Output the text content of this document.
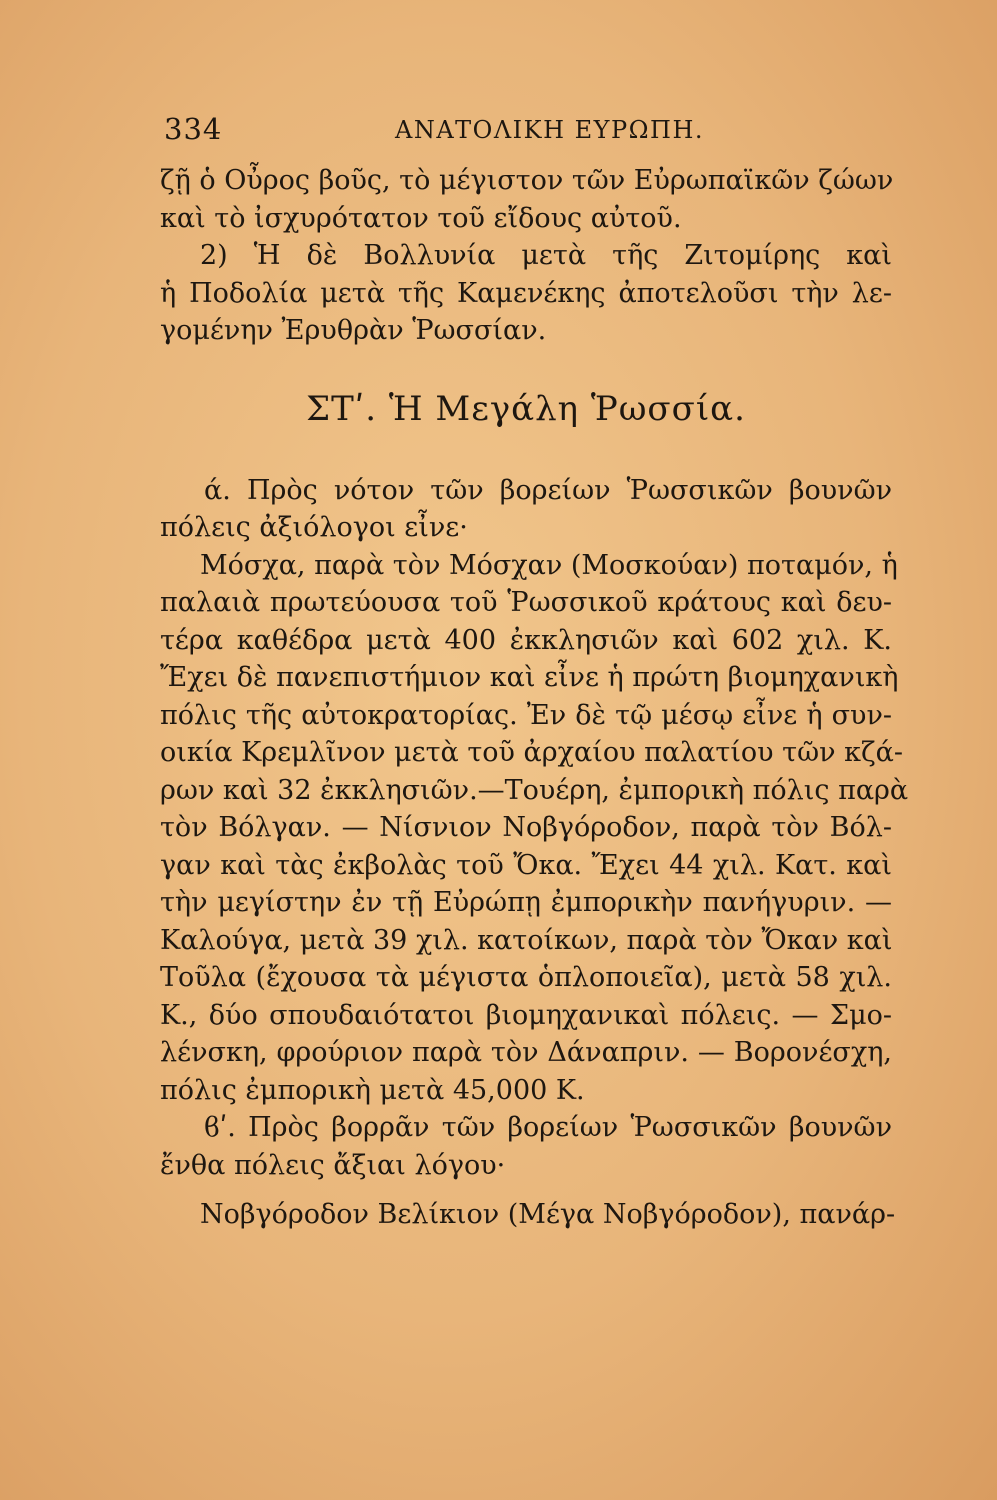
334	ΑΝΑΤΟΛΙΚΗ ΕΥΡΩΠΗ.
ζῇ ὁ Οὖρος βοῦς, τὸ μέγιστον τῶν Εὐρωπαϊκῶν ζώων
καὶ τὸ ἰσχυρότατον τοῦ εἴδους αὐτοῦ.
2) Ἡ δὲ Βολλυνία μετὰ τῆς Ζιτομίρης καὶ
ἡ Ποδολία μετὰ τῆς Καμενέκης ἀποτελοῦσι τὴν λε-
γομένην Ἐρυθρὰν Ῥωσσίαν.
ΣΤʹ. Ἡ Μεγάλη Ῥωσσία.
ά. Πρὸς νότον τῶν βορείων Ῥωσσικῶν βουνῶν
πόλεις ἀξιόλογοι εἶνε·
Μόσχα, παρὰ τὸν Μόσχαν (Μοσκούαν) ποταμόν, ἡ
παλαιὰ πρωτεύουσα τοῦ Ῥωσσικοῦ κράτους καὶ δευ-
τέρα καθέδρα μετὰ 400 ἐκκλησιῶν καὶ 602 χιλ. Κ.
Ἔχει δὲ πανεπιστήμιον καὶ εἶνε ἡ πρώτη βιομηχανικὴ
πόλις τῆς αὐτοκρατορίας. Ἐν δὲ τῷ μέσῳ εἶνε ἡ συν-
οικία Κρεμλῖνον μετὰ τοῦ ἀρχαίου παλατίου τῶν κζά-
ρων καὶ 32 ἐκκλησιῶν.—Τουέρη, ἐμπορικὴ πόλις παρὰ
τὸν Βόλγαν. — Νίσνιον Νοβγόροδον, παρὰ τὸν Βόλ-
γαν καὶ τὰς ἐκβολὰς τοῦ Ὄκα. Ἔχει 44 χιλ. Κατ. καὶ
τὴν μεγίστην ἐν τῇ Εὐρώπῃ ἐμπορικὴν πανήγυριν. —
Καλούγα, μετὰ 39 χιλ. κατοίκων, παρὰ τὸν Ὄκαν καὶ
Τοῦλα (ἔχουσα τὰ μέγιστα ὁπλοποιεῖα), μετὰ 58 χιλ.
Κ., δύο σπουδαιότατοι βιομηχανικαὶ πόλεις. — Σμο-
λένσκη, φρούριον παρὰ τὸν Δάναπριν. — Βορονέσχη,
πόλις ἐμπορικὴ μετὰ 45,000 Κ.
ϐʹ. Πρὸς βορρᾶν τῶν βορείων Ῥωσσικῶν βουνῶν
ἔνθα πόλεις ἄξιαι λόγου·
Νοβγόροδον Βελίκιον (Μέγα Νοβγόροδον), πανάρ-
